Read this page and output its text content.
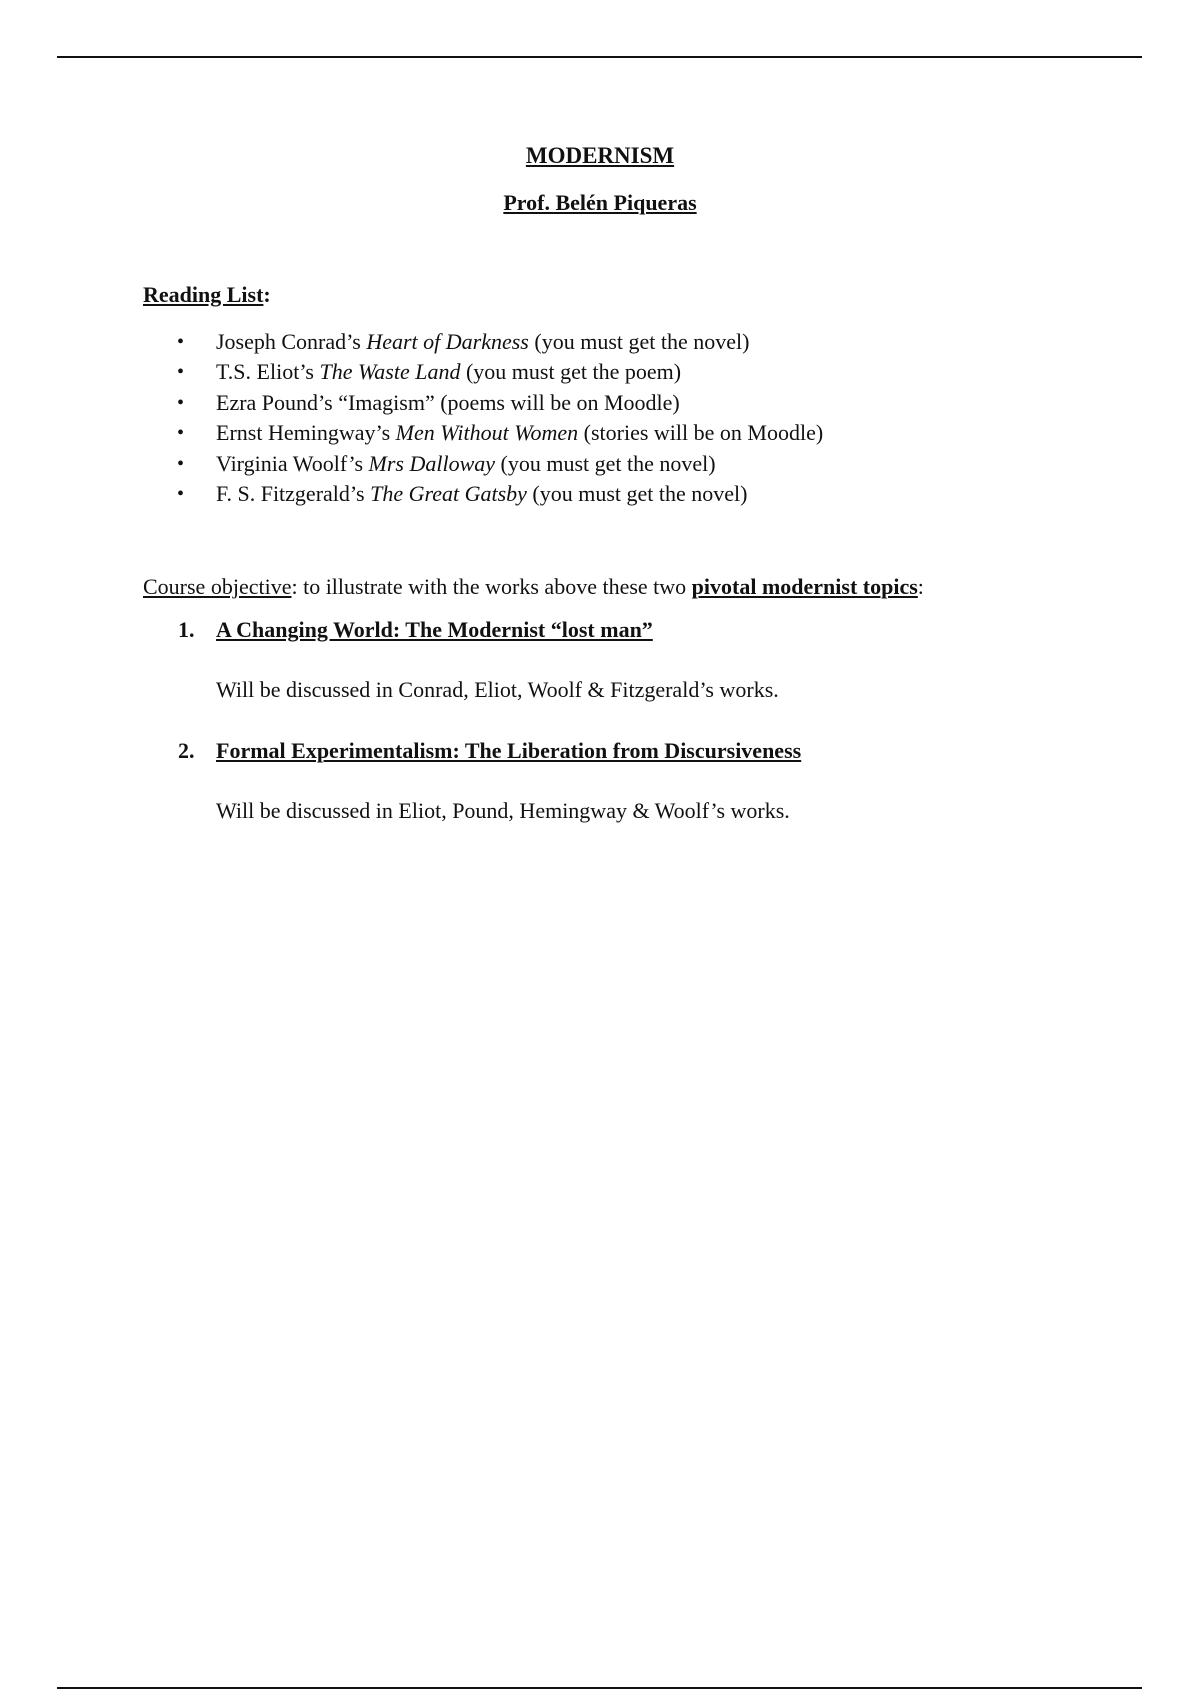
MODERNISM
Prof. Belén Piqueras
Reading List:
• Joseph Conrad’s Heart of Darkness (you must get the novel)
• T.S. Eliot’s The Waste Land (you must get the poem)
• Ezra Pound’s “Imagism” (poems will be on Moodle)
• Ernst Hemingway’s Men Without Women (stories will be on Moodle)
• Virginia Woolf’s Mrs Dalloway (you must get the novel)
• F. S. Fitzgerald’s The Great Gatsby (you must get the novel)
Course objective: to illustrate with the works above these two pivotal modernist topics:
1. A Changing World: The Modernist “lost man”
Will be discussed in Conrad, Eliot, Woolf & Fitzgerald’s works.
2. Formal Experimentalism: The Liberation from Discursiveness
Will be discussed in Eliot, Pound, Hemingway & Woolf’s works.
